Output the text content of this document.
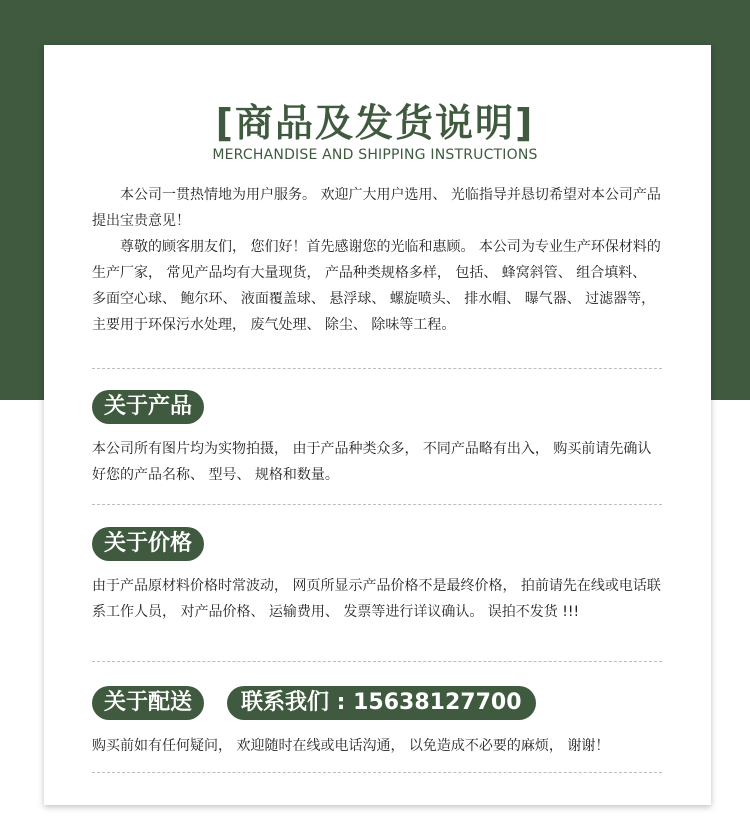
[商品及发货说明]
MERCHANDISE AND SHIPPING INSTRUCTIONS

本公司一贯热情地为用户服务。 欢迎广大用户选用、 光临指导并恳切希望对本公司产品提出宝贵意见！

尊敬的顾客朋友们， 您们好！首先感谢您的光临和惠顾。 本公司为专业生产环保材料的生产厂家， 常见产品均有大量现货， 产品种类规格多样， 包括、 蜂窝斜管、 组合填料、 多面空心球、 鲍尔环、 液面覆盖球、 悬浮球、 螺旋喷头、 排水帽、 曝气器、 过滤器等， 主要用于环保污水处理， 废气处理、 除尘、 除味等工程。

关于产品
本公司所有图片均为实物拍摄， 由于产品种类众多， 不同产品略有出入， 购买前请先确认好您的产品名称、 型号、 规格和数量。
关于价格
由于产品原材料价格时常波动， 网页所显示产品价格不是最终价格， 拍前请先在线或电话联系工作人员， 对产品价格、 运输费用、 发票等进行详议确认。 误拍不发货 !!!
关于配送	联系我们 : 15638127700
购买前如有任何疑问， 欢迎随时在线或电话沟通， 以免造成不必要的麻烦， 谢谢！
